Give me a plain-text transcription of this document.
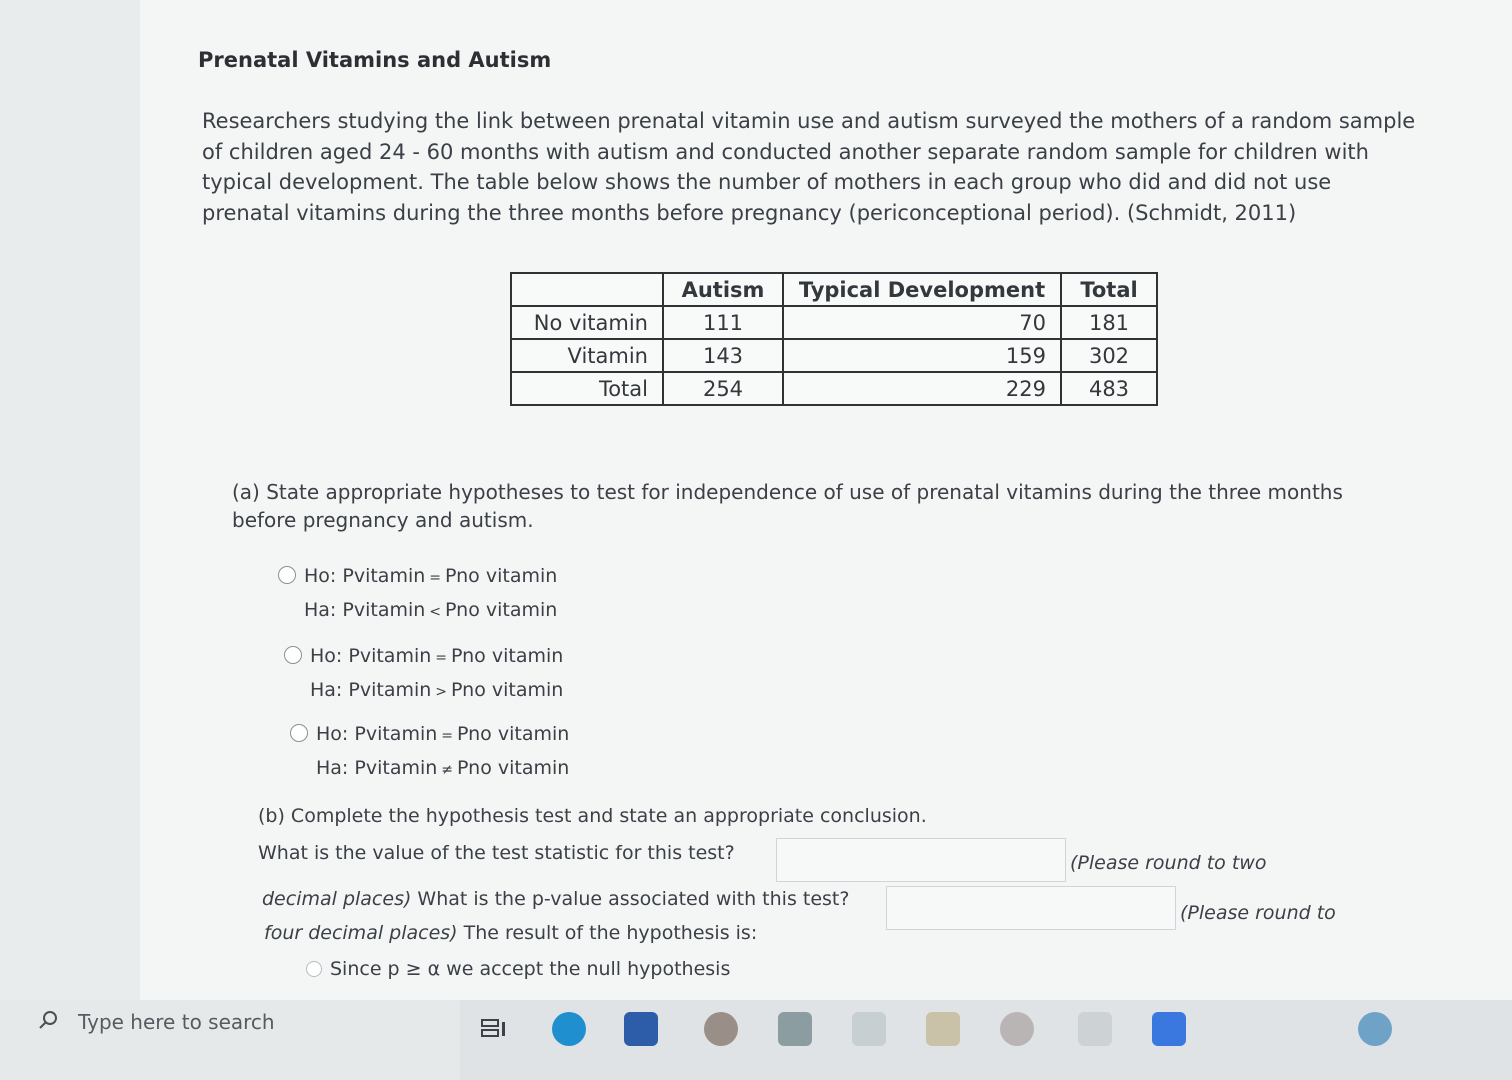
Prenatal Vitamins and Autism
Researchers studying the link between prenatal vitamin use and autism surveyed the mothers of a random sample of children aged 24 - 60 months with autism and conducted another separate random sample for children with typical development. The table below shows the number of mothers in each group who did and did not use prenatal vitamins during the three months before pregnancy (periconceptional period). (Schmidt, 2011)
	Autism	Typical Development	Total
No vitamin	111	70	181
Vitamin	143	159	302
Total	254	229	483
(a) State appropriate hypotheses to test for independence of use of prenatal vitamins during the three months before pregnancy and autism.
Ho: Pvitamin = Pno vitamin
Ha: Pvitamin < Pno vitamin
Ho: Pvitamin = Pno vitamin
Ha: Pvitamin > Pno vitamin
Ho: Pvitamin = Pno vitamin
Ha: Pvitamin ≠ Pno vitamin
(b) Complete the hypothesis test and state an appropriate conclusion.
What is the value of the test statistic for this test?	(Please round to two
decimal places) What is the p-value associated with this test?
(Please round to
four decimal places) The result of the hypothesis is:
Since p ≥ α we accept the null hypothesis
Type here to search
